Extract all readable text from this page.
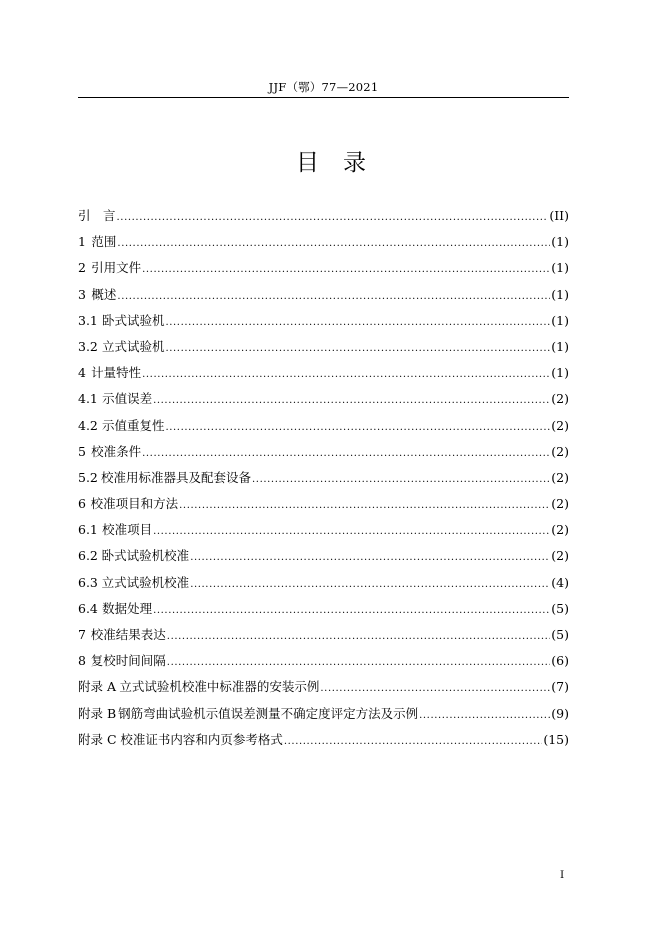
JJF（鄂）77—2021
目 录
引　言 .....	(II)
1 范围 .....	(1)
2 引用文件 .....	(1)
3 概述 .....	(1)
3.1 卧式试验机 .....	(1)
3.2 立式试验机 .....	(1)
4 计量特性 .....	(1)
4.1 示值误差 .....	(2)
4.2 示值重复性 .....	(2)
5 校准条件 .....	(2)
5.2 校准用标准器具及配套设备 .....	(2)
6 校准项目和方法 .....	(2)
6.1 校准项目 .....	(2)
6.2 卧式试验机校准 .....	(2)
6.3 立式试验机校准 .....	(4)
6.4 数据处理 .....	(5)
7 校准结果表达 .....	(5)
8 复校时间间隔 .....	(6)
附录 A 立式试验机校准中标准器的安装示例 .....	(7)
附录 B 钢筋弯曲试验机示值误差测量不确定度评定方法及示例 .....	(9)
附录 C 校准证书内容和内页参考格式 .....	(15)
I
